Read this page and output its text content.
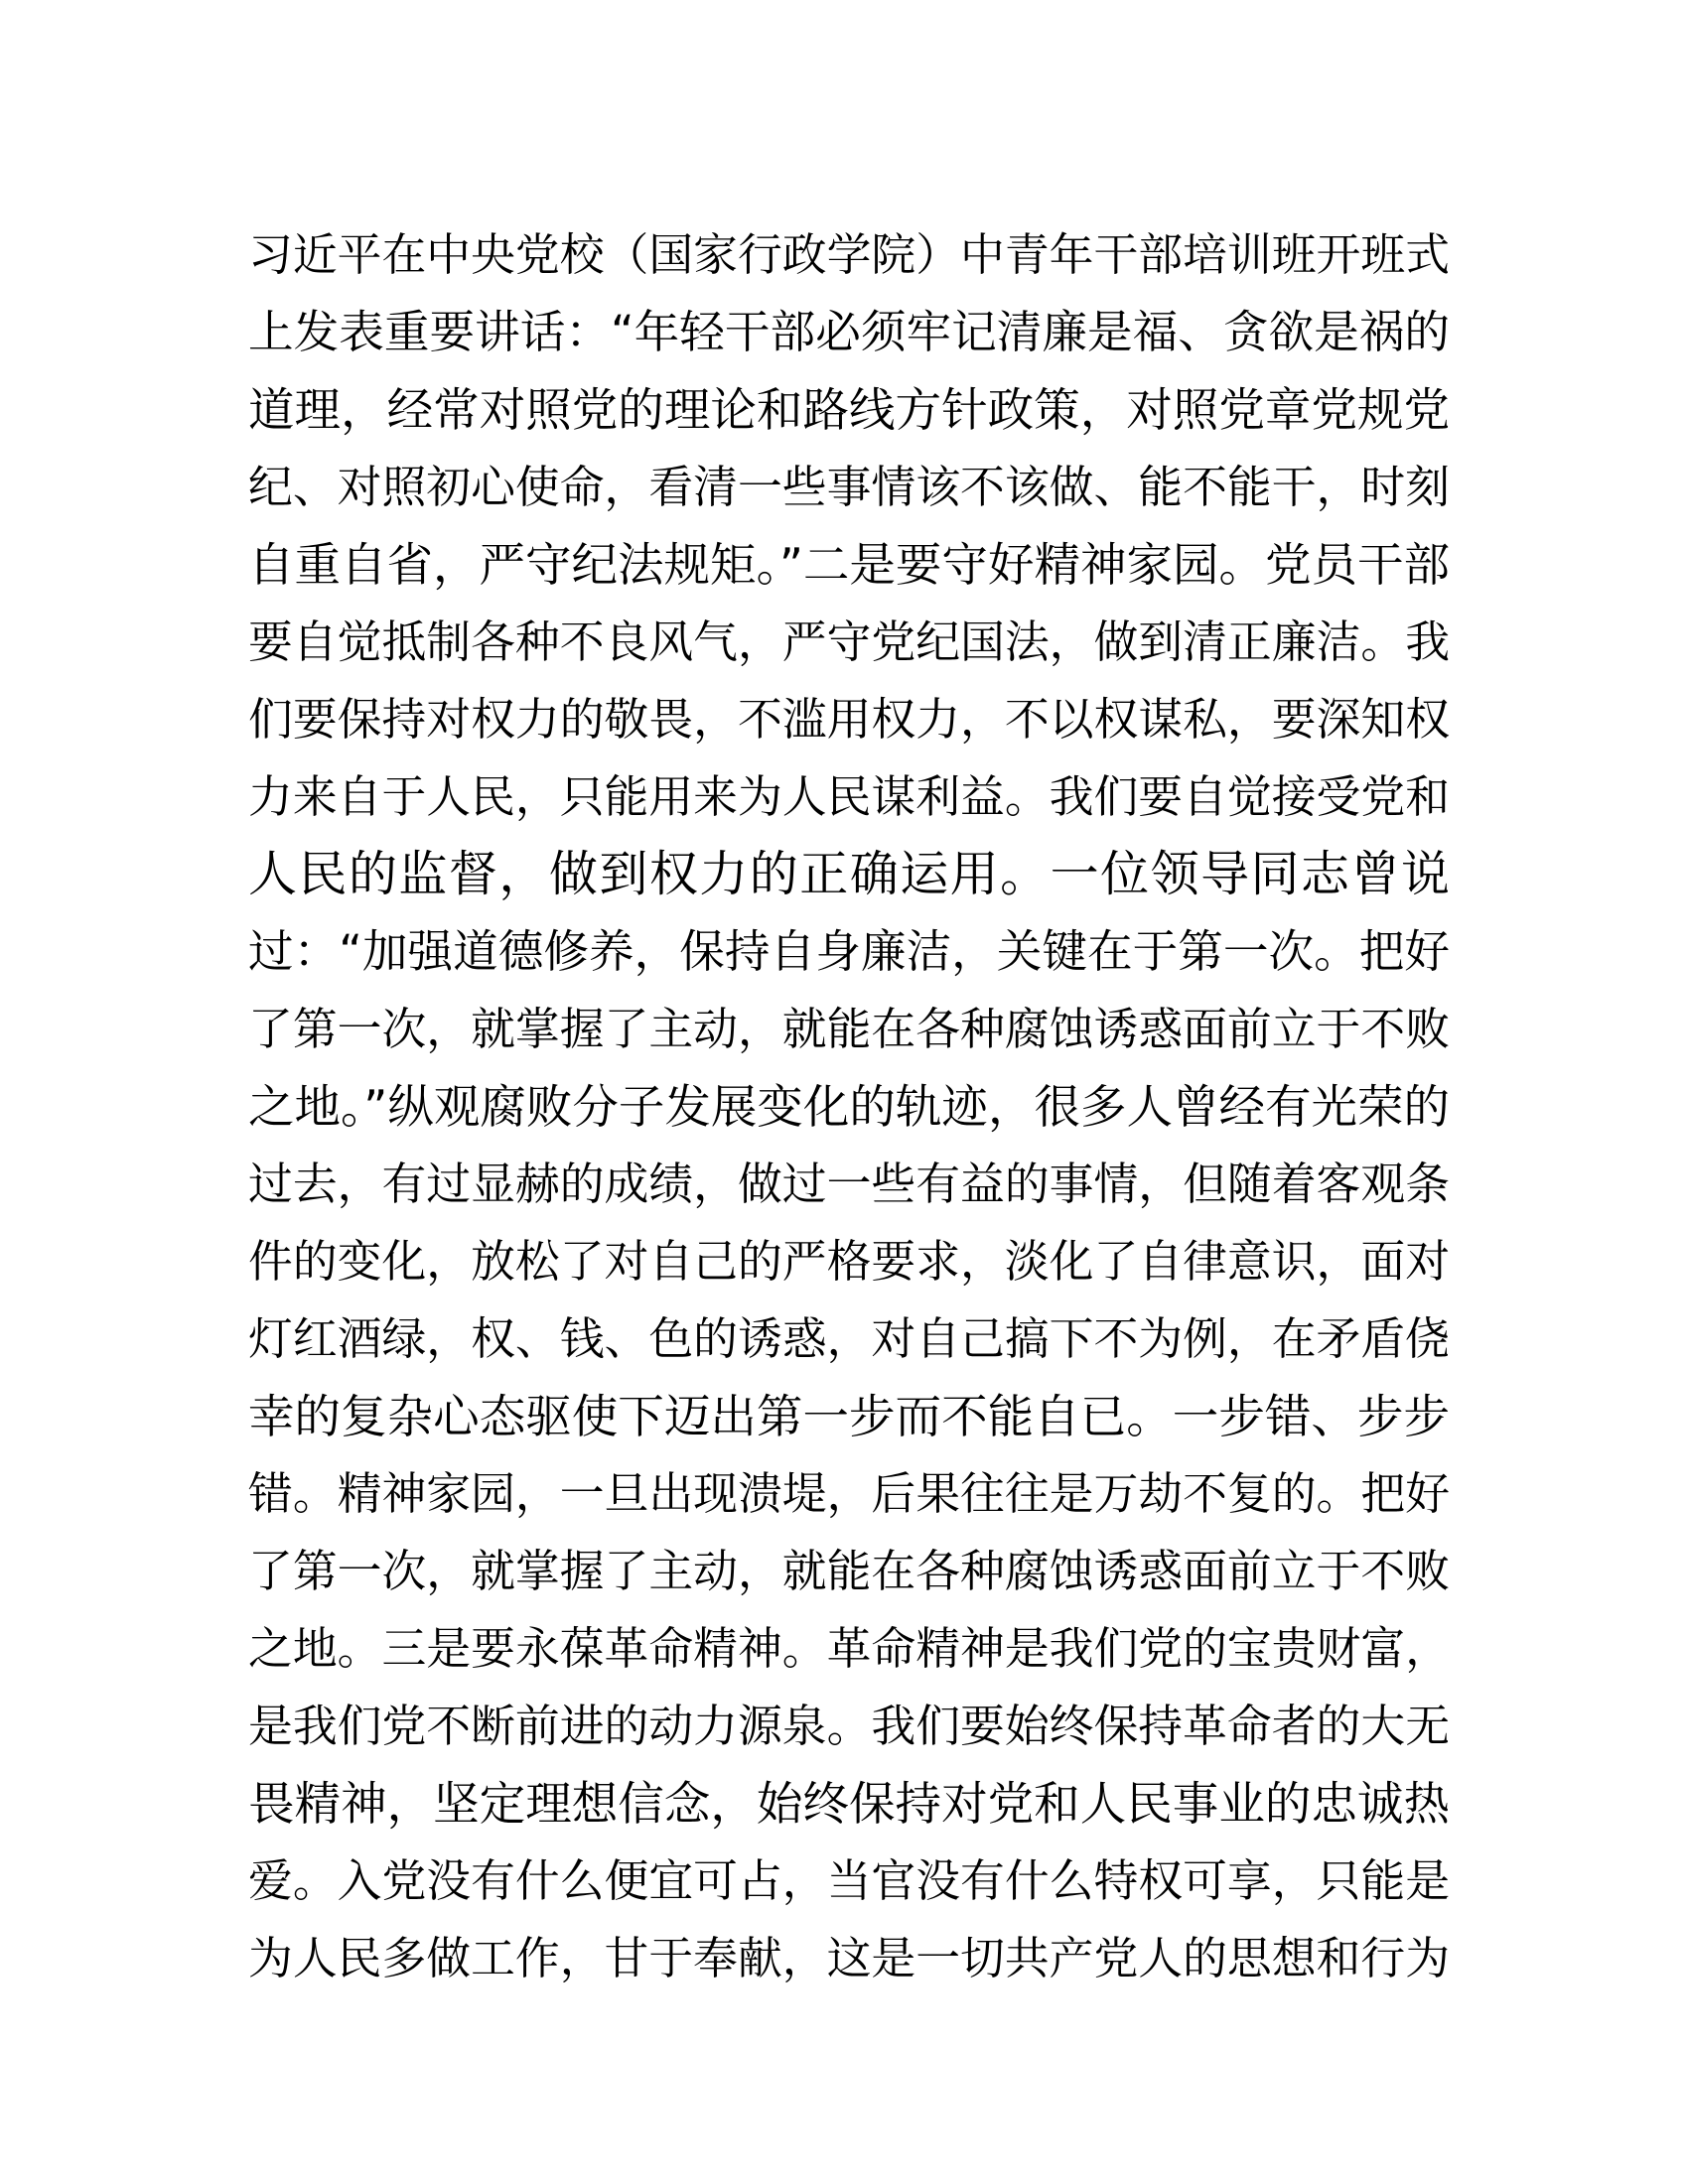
习近平在中央党校（国家行政学院）中青年干部培训班开班式
上发表重要讲话：“年轻干部必须牢记清廉是福、贪欲是祸的
道理，经常对照党的理论和路线方针政策，对照党章党规党
纪、对照初心使命，看清一些事情该不该做、能不能干，时刻
自重自省，严守纪法规矩。”二是要守好精神家园。党员干部
要自觉抵制各种不良风气，严守党纪国法，做到清正廉洁。我
们要保持对权力的敬畏，不滥用权力，不以权谋私，要深知权
力来自于人民，只能用来为人民谋利益。我们要自觉接受党和
人民的监督，做到权力的正确运用。一位领导同志曾说
过：“加强道德修养，保持自身廉洁，关键在于第一次。把好
了第一次，就掌握了主动，就能在各种腐蚀诱惑面前立于不败
之地。”纵观腐败分子发展变化的轨迹，很多人曾经有光荣的
过去，有过显赫的成绩，做过一些有益的事情，但随着客观条
件的变化，放松了对自己的严格要求，淡化了自律意识，面对
灯红酒绿，权、钱、色的诱惑，对自己搞下不为例，在矛盾侥
幸的复杂心态驱使下迈出第一步而不能自已。一步错、步步
错。精神家园，一旦出现溃堤，后果往往是万劫不复的。把好
了第一次，就掌握了主动，就能在各种腐蚀诱惑面前立于不败
之地。三是要永葆革命精神。革命精神是我们党的宝贵财富，
是我们党不断前进的动力源泉。我们要始终保持革命者的大无
畏精神，坚定理想信念，始终保持对党和人民事业的忠诚热
爱。入党没有什么便宜可占，当官没有什么特权可享，只能是
为人民多做工作，甘于奉献，这是一切共产党人的思想和行为
